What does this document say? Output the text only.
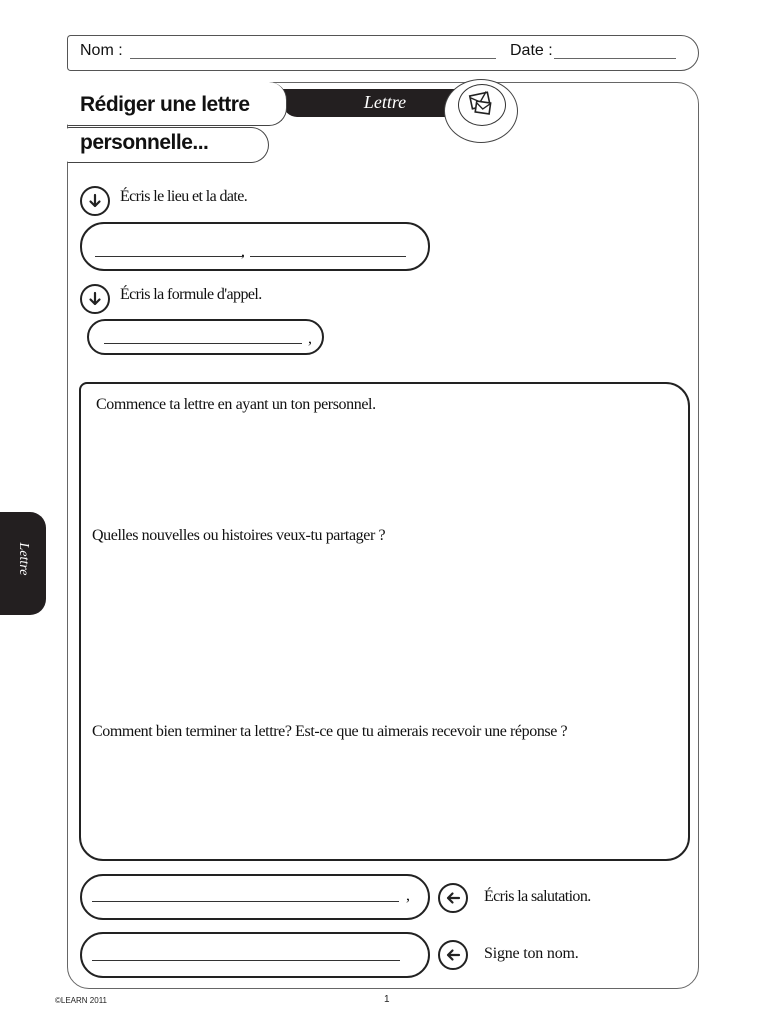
Nom :	Date :
Lettre
Rédiger une lettre
personnelle...
Écris le lieu et la date.
,
Écris la formule d'appel.
,
Commence ta lettre en ayant un ton personnel.
Quelles nouvelles ou histoires veux-tu partager ?
Comment bien terminer ta lettre? Est-ce que tu aimerais recevoir une réponse ?
,	Écris la salutation.
Signe ton nom.
Lettre
©LEARN 2011	1
